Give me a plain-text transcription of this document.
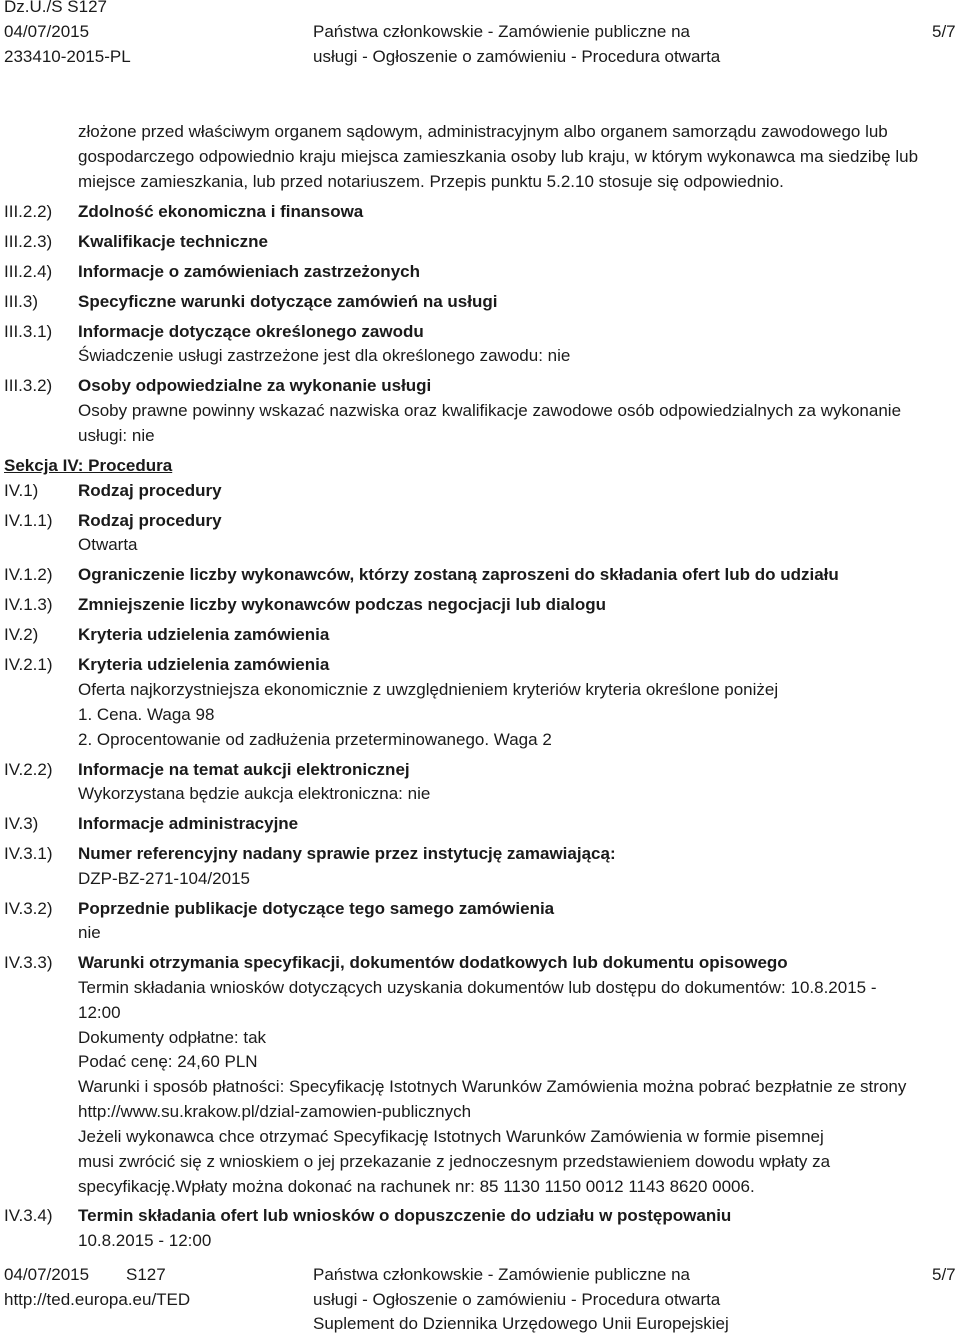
Dz.U./S S127
04/07/2015
233410-2015-PL
Państwa członkowskie - Zamówienie publiczne na
usługi - Ogłoszenie o zamówieniu - Procedura otwarta
5/7
złożone przed właściwym organem sądowym, administracyjnym albo organem samorządu zawodowego lub
gospodarczego odpowiednio kraju miejsca zamieszkania osoby lub kraju, w którym wykonawca ma siedzibę lub
miejsce zamieszkania, lub przed notariuszem. Przepis punktu 5.2.10 stosuje się odpowiednio.
III.2.2) Zdolność ekonomiczna i finansowa
III.2.3) Kwalifikacje techniczne
III.2.4) Informacje o zamówieniach zastrzeżonych
III.3) Specyficzne warunki dotyczące zamówień na usługi
III.3.1) Informacje dotyczące określonego zawodu
Świadczenie usługi zastrzeżone jest dla określonego zawodu: nie
III.3.2) Osoby odpowiedzialne za wykonanie usługi
Osoby prawne powinny wskazać nazwiska oraz kwalifikacje zawodowe osób odpowiedzialnych za wykonanie
usługi: nie
Sekcja IV: Procedura
IV.1) Rodzaj procedury
IV.1.1) Rodzaj procedury
Otwarta
IV.1.2) Ograniczenie liczby wykonawców, którzy zostaną zaproszeni do składania ofert lub do udziału
IV.1.3) Zmniejszenie liczby wykonawców podczas negocjacji lub dialogu
IV.2) Kryteria udzielenia zamówienia
IV.2.1) Kryteria udzielenia zamówienia
Oferta najkorzystniejsza ekonomicznie z uwzględnieniem kryteriów kryteria określone poniżej
1. Cena. Waga 98
2. Oprocentowanie od zadłużenia przeterminowanego. Waga 2
IV.2.2) Informacje na temat aukcji elektronicznej
Wykorzystana będzie aukcja elektroniczna: nie
IV.3) Informacje administracyjne
IV.3.1) Numer referencyjny nadany sprawie przez instytucję zamawiającą:
DZP-BZ-271-104/2015
IV.3.2) Poprzednie publikacje dotyczące tego samego zamówienia
nie
IV.3.3) Warunki otrzymania specyfikacji, dokumentów dodatkowych lub dokumentu opisowego
Termin składania wniosków dotyczących uzyskania dokumentów lub dostępu do dokumentów: 10.8.2015 -
12:00
Dokumenty odpłatne: tak
Podać cenę: 24,60 PLN
Warunki i sposób płatności: Specyfikację Istotnych Warunków Zamówienia można pobrać bezpłatnie ze strony
http://www.su.krakow.pl/dzial-zamowien-publicznych
Jeżeli wykonawca chce otrzymać Specyfikację Istotnych Warunków Zamówienia w formie pisemnej
musi zwrócić się z wnioskiem o jej przekazanie z jednoczesnym przedstawieniem dowodu wpłaty za
specyfikację.Wpłaty można dokonać na rachunek nr: 85 1130 1150 0012 1143 8620 0006.
IV.3.4) Termin składania ofert lub wniosków o dopuszczenie do udziału w postępowaniu
10.8.2015 - 12:00
04/07/2015 S127
http://ted.europa.eu/TED
Państwa członkowskie - Zamówienie publiczne na
usługi - Ogłoszenie o zamówieniu - Procedura otwarta
Suplement do Dziennika Urzędowego Unii Europejskiej
5/7
